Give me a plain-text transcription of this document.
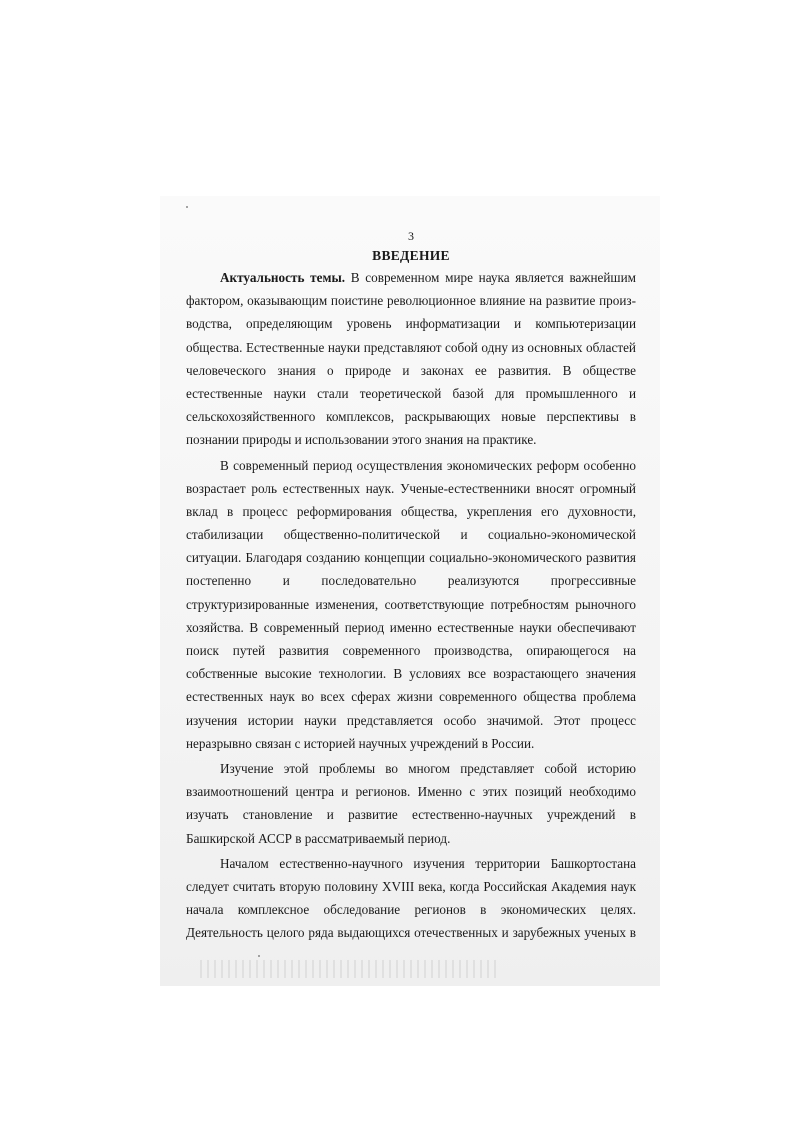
3

ВВЕДЕНИЕ
Актуальность темы. В современном мире наука является важнейшим
фактором, оказывающим поистине революционное влияние на развитие произ-
водства, определяющим уровень информатизации и компьютеризации
общества. Естественные науки представляют собой одну из основных областей
человеческого знания о природе и законах ее развития. В обществе
естественные науки стали теоретической базой для промышленного и
сельскохозяйственного комплексов, раскрывающих новые перспективы в
познании природы и использовании этого знания на практике.
В современный период осуществления экономических реформ особенно
возрастает роль естественных наук. Ученые-естественники вносят огромный
вклад в процесс реформирования общества, укрепления его духовности,
стабилизации общественно-политической и социально-экономической
ситуации. Благодаря созданию концепции социально-экономического развития
постепенно и последовательно реализуются прогрессивные
структуризированные изменения, соответствующие потребностям рыночного
хозяйства. В современный период именно естественные науки обеспечивают
поиск путей развития современного производства, опирающегося на
собственные высокие технологии. В условиях все возрастающего значения
естественных наук во всех сферах жизни современного общества проблема
изучения истории науки представляется особо значимой. Этот процесс
неразрывно связан с историей научных учреждений в России.
Изучение этой проблемы во многом представляет собой историю
взаимоотношений центра и регионов. Именно с этих позиций необходимо
изучать становление и развитие естественно-научных учреждений в
Башкирской АССР в рассматриваемый период.
Началом естественно-научного изучения территории Башкортостана
следует считать вторую половину XVIII века, когда Российская Академия наук
начала комплексное обследование регионов в экономических целях.
Деятельность целого ряда выдающихся отечественных и зарубежных ученых в
